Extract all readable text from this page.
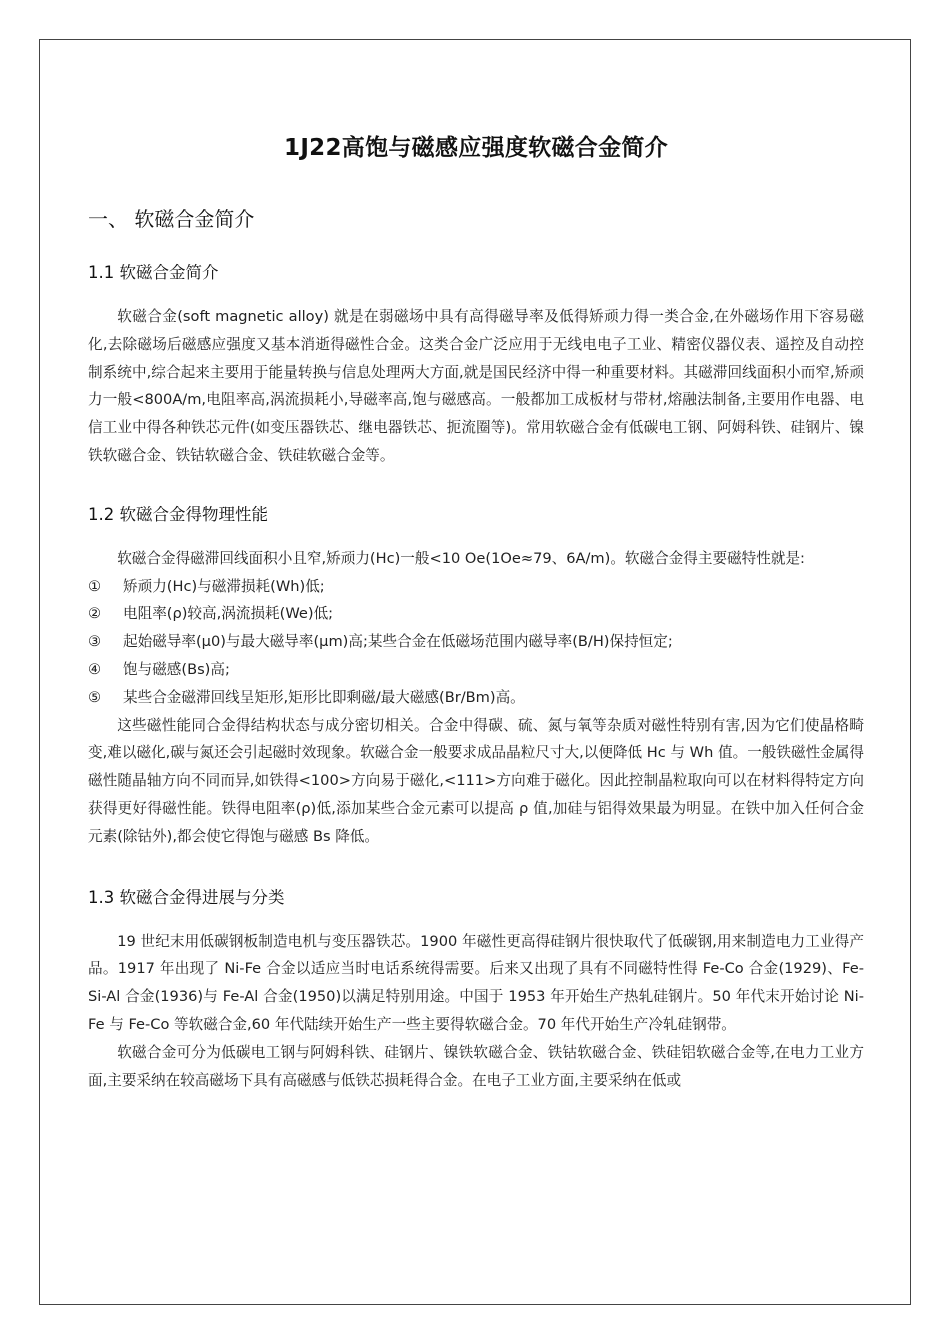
1J22高饱与磁感应强度软磁合金简介
一、 软磁合金简介
1.1 软磁合金简介

软磁合金(soft magnetic alloy) 就是在弱磁场中具有高得磁导率及低得矫顽力得一类合金,在外磁场作用下容易磁化,去除磁场后磁感应强度又基本消逝得磁性合金。这类合金广泛应用于无线电电子工业、精密仪器仪表、遥控及自动控制系统中,综合起来主要用于能量转换与信息处理两大方面,就是国民经济中得一种重要材料。其磁滞回线面积小而窄,矫顽力一般<800A/m,电阻率高,涡流损耗小,导磁率高,饱与磁感高。一般都加工成板材与带材,熔融法制备,主要用作电器、电信工业中得各种铁芯元件(如变压器铁芯、继电器铁芯、扼流圈等)。常用软磁合金有低碳电工钢、阿姆科铁、硅钢片、镍铁软磁合金、铁钴软磁合金、铁硅软磁合金等。

1.2 软磁合金得物理性能

软磁合金得磁滞回线面积小且窄,矫顽力(Hc)一般<10 Oe(1Oe≈79、6A/m)。软磁合金得主要磁特性就是:

① 矫顽力(Hc)与磁滞损耗(Wh)低;
② 电阻率(ρ)较高,涡流损耗(We)低;
③ 起始磁导率(μ0)与最大磁导率(μm)高;某些合金在低磁场范围内磁导率(B/H)保持恒定;
④ 饱与磁感(Bs)高;
⑤ 某些合金磁滞回线呈矩形,矩形比即剩磁/最大磁感(Br/Bm)高。

这些磁性能同合金得结构状态与成分密切相关。合金中得碳、硫、氮与氧等杂质对磁性特别有害,因为它们使晶格畸变,难以磁化,碳与氮还会引起磁时效现象。软磁合金一般要求成品晶粒尺寸大,以便降低 Hc 与 Wh 值。一般铁磁性金属得磁性随晶轴方向不同而异,如铁得<100>方向易于磁化,<111>方向难于磁化。因此控制晶粒取向可以在材料得特定方向获得更好得磁性能。铁得电阻率(ρ)低,添加某些合金元素可以提高 ρ 值,加硅与铝得效果最为明显。在铁中加入任何合金元素(除钴外),都会使它得饱与磁感 Bs 降低。

1.3 软磁合金得进展与分类

19 世纪末用低碳钢板制造电机与变压器铁芯。1900 年磁性更高得硅钢片很快取代了低碳钢,用来制造电力工业得产品。1917 年出现了 Ni-Fe 合金以适应当时电话系统得需要。后来又出现了具有不同磁特性得 Fe-Co 合金(1929)、Fe-Si-Al 合金(1936)与 Fe-Al 合金(1950)以满足特别用途。中国于 1953 年开始生产热轧硅钢片。50 年代末开始讨论 Ni-Fe 与 Fe-Co 等软磁合金,60 年代陆续开始生产一些主要得软磁合金。70 年代开始生产冷轧硅钢带。

软磁合金可分为低碳电工钢与阿姆科铁、硅钢片、镍铁软磁合金、铁钴软磁合金、铁硅铝软磁合金等,在电力工业方面,主要采纳在较高磁场下具有高磁感与低铁芯损耗得合金。在电子工业方面,主要采纳在低或
